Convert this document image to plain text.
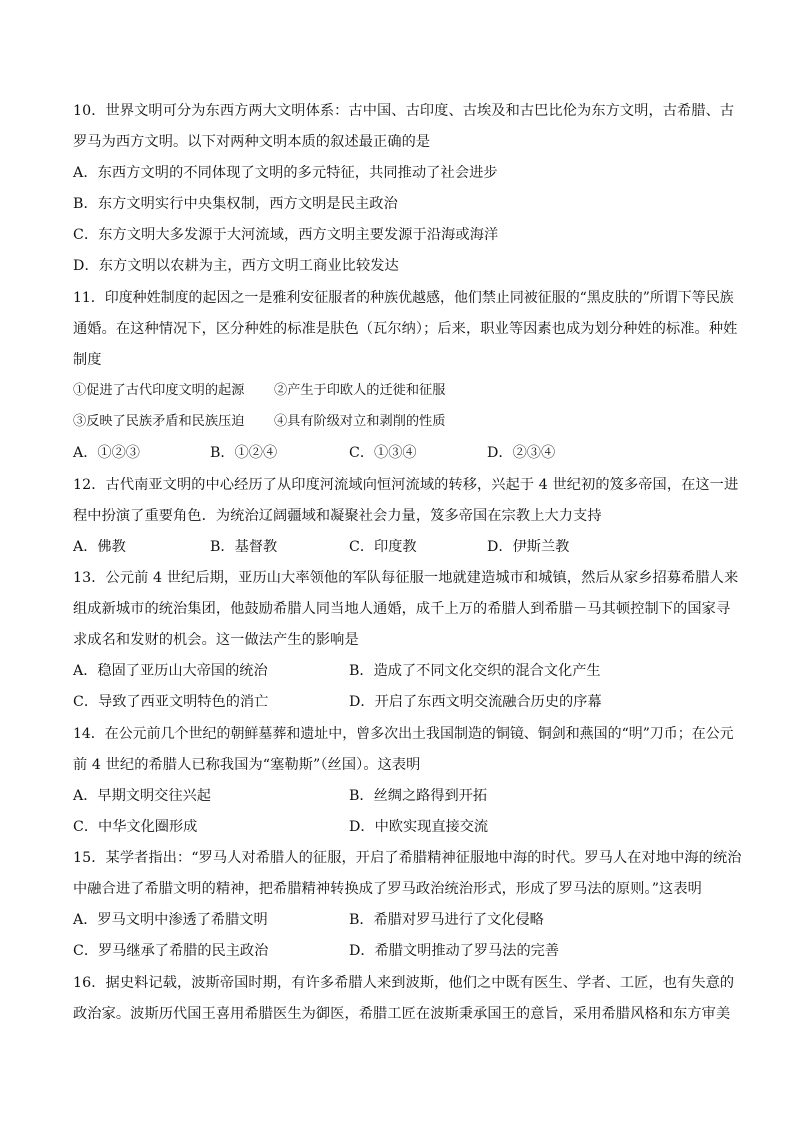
10．世界文明可分为东西方两大文明体系：古中国、古印度、古埃及和古巴比伦为东方文明，古希腊、古
罗马为西方文明。以下对两种文明本质的叙述最正确的是
A．东西方文明的不同体现了文明的多元特征，共同推动了社会进步
B．东方文明实行中央集权制，西方文明是民主政治
C．东方文明大多发源于大河流域，西方文明主要发源于沿海或海洋
D．东方文明以农耕为主，西方文明工商业比较发达
11．印度种姓制度的起因之一是雅利安征服者的种族优越感，他们禁止同被征服的“黑皮肤的”所谓下等民族
通婚。在这种情况下，区分种姓的标准是肤色（瓦尔纳）；后来，职业等因素也成为划分种姓的标准。种姓
制度
①促进了古代印度文明的起源 ②产生于印欧人的迁徙和征服
③反映了民族矛盾和民族压迫 ④具有阶级对立和剥削的性质
A．①②③	B．①②④	C．①③④	D．②③④
12．古代南亚文明的中心经历了从印度河流域向恒河流域的转移，兴起于 4 世纪初的笈多帝国，在这一进
程中扮演了重要角色．为统治辽阔疆域和凝聚社会力量，笈多帝国在宗教上大力支持
A．佛教	B．基督教	C．印度教	D．伊斯兰教
13．公元前 4 世纪后期，亚历山大率领他的军队每征服一地就建造城市和城镇，然后从家乡招募希腊人来
组成新城市的统治集团，他鼓励希腊人同当地人通婚，成千上万的希腊人到希腊－马其顿控制下的国家寻
求成名和发财的机会。这一做法产生的影响是
A．稳固了亚历山大帝国的统治	B．造成了不同文化交织的混合文化产生
C．导致了西亚文明特色的消亡	D．开启了东西文明交流融合历史的序幕
14．在公元前几个世纪的朝鲜墓葬和遗址中，曾多次出土我国制造的铜镜、铜剑和燕国的“明”刀币；在公元
前 4 世纪的希腊人已称我国为“塞勒斯”（丝国）。这表明
A．早期文明交往兴起	B．丝绸之路得到开拓
C．中华文化圈形成	D．中欧实现直接交流
15．某学者指出：“罗马人对希腊人的征服，开启了希腊精神征服地中海的时代。罗马人在对地中海的统治
中融合进了希腊文明的精神，把希腊精神转换成了罗马政治统治形式，形成了罗马法的原则。”这表明
A．罗马文明中渗透了希腊文明	B．希腊对罗马进行了文化侵略
C．罗马继承了希腊的民主政治	D．希腊文明推动了罗马法的完善
16．据史料记载，波斯帝国时期，有许多希腊人来到波斯，他们之中既有医生、学者、工匠，也有失意的
政治家。波斯历代国王喜用希腊医生为御医，希腊工匠在波斯秉承国王的意旨，采用希腊风格和东方审美
